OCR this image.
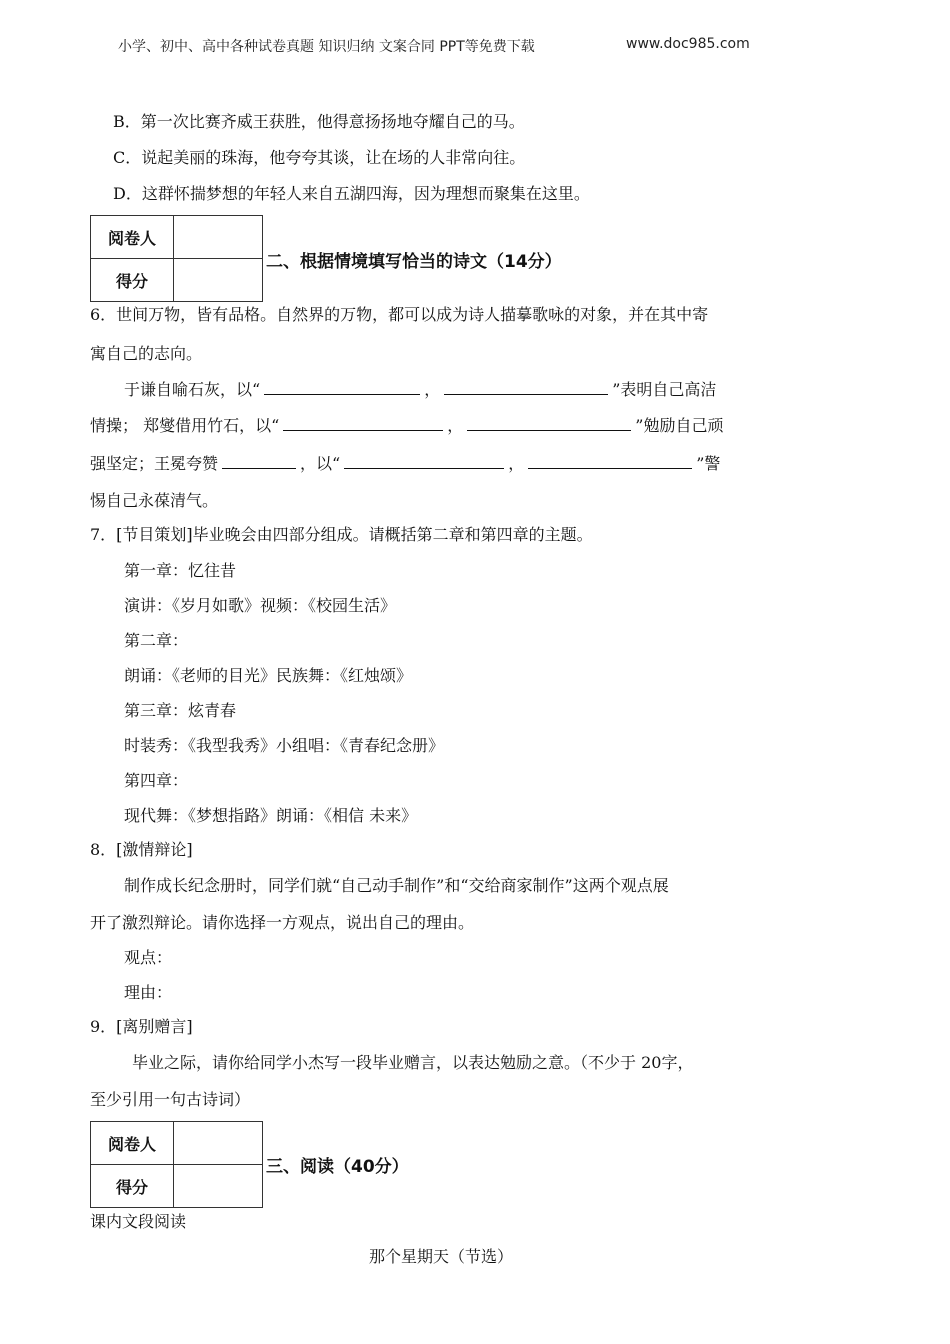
小学、初中、高中各种试卷真题 知识归纳 文案合同 PPT等免费下载	www.doc985.com
B．第一次比赛齐威王获胜，他得意扬扬地夺耀自己的马。
C．说起美丽的珠海，他夸夸其谈，让在场的人非常向往。
D．这群怀揣梦想的年轻人来自五湖四海，因为理想而聚集在这里。
阅卷人	
得分	
二、根据情境填写恰当的诗文（14分）
6．世间万物，皆有品格。自然界的万物，都可以成为诗人描摹歌咏的对象，并在其中寄
寓自己的志向。
于谦自喻石灰，以“	，	”表明自己高洁
情操； 郑燮借用竹石，以“	，	”勉励自己顽
强坚定；王冕夸赞	，以“	，	”警
惕自己永葆清气。
7．[节目策划]毕业晚会由四部分组成。请概括第二章和第四章的主题。
第一章：忆往昔
演讲：《岁月如歌》视频：《校园生活》
第二章：
朗诵：《老师的目光》民族舞：《红烛颂》
第三章：炫青春
时装秀：《我型我秀》小组唱：《青春纪念册》
第四章：
现代舞：《梦想指路》朗诵：《相信 未来》
8．[激情辩论]
制作成长纪念册时，同学们就“自己动手制作”和“交给商家制作”这两个观点展
开了激烈辩论。请你选择一方观点，说出自己的理由。
观点：
理由：
9．[离别赠言]
毕业之际，请你给同学小杰写一段毕业赠言，以表达勉励之意。（不少于 20字，
至少引用一句古诗词）
阅卷人	
得分	
三、阅读（40分）
课内文段阅读
那个星期天（节选）
